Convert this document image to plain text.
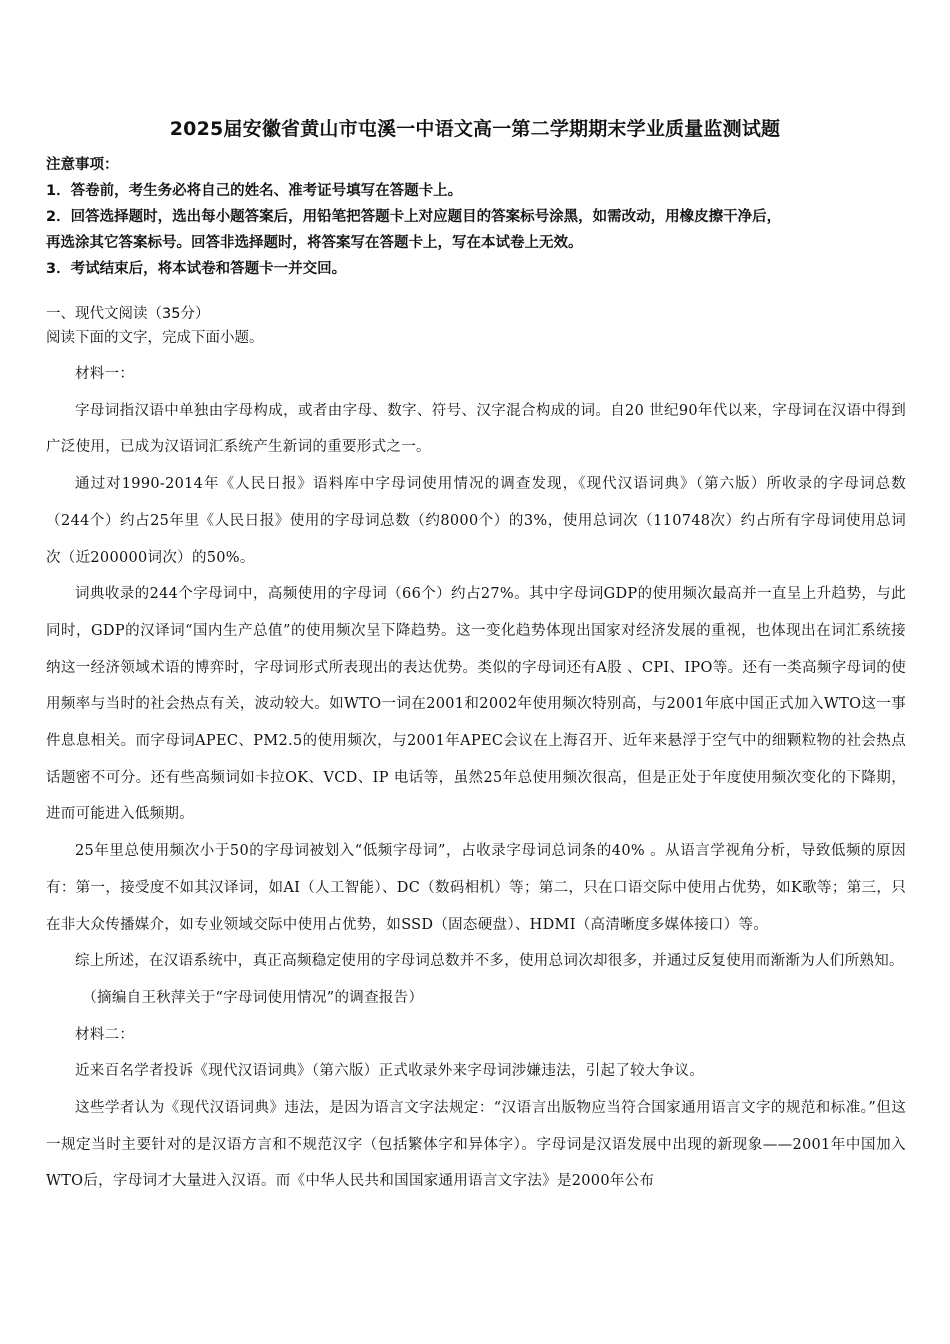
2025届安徽省黄山市屯溪一中语文高一第二学期期末学业质量监测试题
注意事项：
1．答卷前，考生务必将自己的姓名、准考证号填写在答题卡上。
2．回答选择题时，选出每小题答案后，用铅笔把答题卡上对应题目的答案标号涂黑，如需改动，用橡皮擦干净后，
再选涂其它答案标号。回答非选择题时，将答案写在答题卡上，写在本试卷上无效。
3．考试结束后，将本试卷和答题卡一并交回。
一、现代文阅读（35分）
阅读下面的文字，完成下面小题。

材料一：

字母词指汉语中单独由字母构成，或者由字母、数字、符号、汉字混合构成的词。自20 世纪90年代以来，字母词在汉语中得到广泛使用，已成为汉语词汇系统产生新词的重要形式之一。

通过对1990-2014年《人民日报》语料库中字母词使用情况的调查发现，《现代汉语词典》（第六版）所收录的字母词总数（244个）约占25年里《人民日报》使用的字母词总数（约8000个）的3%，使用总词次（110748次）约占所有字母词使用总词次（近200000词次）的50%。

词典收录的244个字母词中，高频使用的字母词（66个）约占27%。其中字母词GDP的使用频次最高并一直呈上升趋势，与此同时，GDP的汉译词“国内生产总值”的使用频次呈下降趋势。这一变化趋势体现出国家对经济发展的重视，也体现出在词汇系统接纳这一经济领域术语的博弈时，字母词形式所表现出的表达优势。类似的字母词还有A股 、CPI、IPO等。还有一类高频字母词的使用频率与当时的社会热点有关，波动较大。如WTO一词在2001和2002年使用频次特别高，与2001年底中国正式加入WTO这一事件息息相关。而字母词APEC、PM2.5的使用频次，与2001年APEC会议在上海召开、近年来悬浮于空气中的细颗粒物的社会热点话题密不可分。还有些高频词如卡拉OK、VCD、IP 电话等，虽然25年总使用频次很高，但是正处于年度使用频次变化的下降期，进而可能进入低频期。

25年里总使用频次小于50的字母词被划入“低频字母词”，占收录字母词总词条的40% 。从语言学视角分析，导致低频的原因有：第一，接受度不如其汉译词，如AI（人工智能）、DC（数码相机）等；第二，只在口语交际中使用占优势，如K歌等；第三，只在非大众传播媒介，如专业领域交际中使用占优势，如SSD（固态硬盘）、HDMI（高清晰度多媒体接口）等。

综上所述，在汉语系统中，真正高频稳定使用的字母词总数并不多，使用总词次却很多，并通过反复使用而渐渐为人们所熟知。

（摘编自王秋萍关于“字母词使用情况”的调查报告）

材料二：

近来百名学者投诉《现代汉语词典》（第六版）正式收录外来字母词涉嫌违法，引起了较大争议。

这些学者认为《现代汉语词典》违法，是因为语言文字法规定：“汉语言出版物应当符合国家通用语言文字的规范和标准。”但这一规定当时主要针对的是汉语方言和不规范汉字（包括繁体字和异体字）。字母词是汉语发展中出现的新现象——2001年中国加入WTO后，字母词才大量进入汉语。而《中华人民共和国国家通用语言文字法》是2000年公布
